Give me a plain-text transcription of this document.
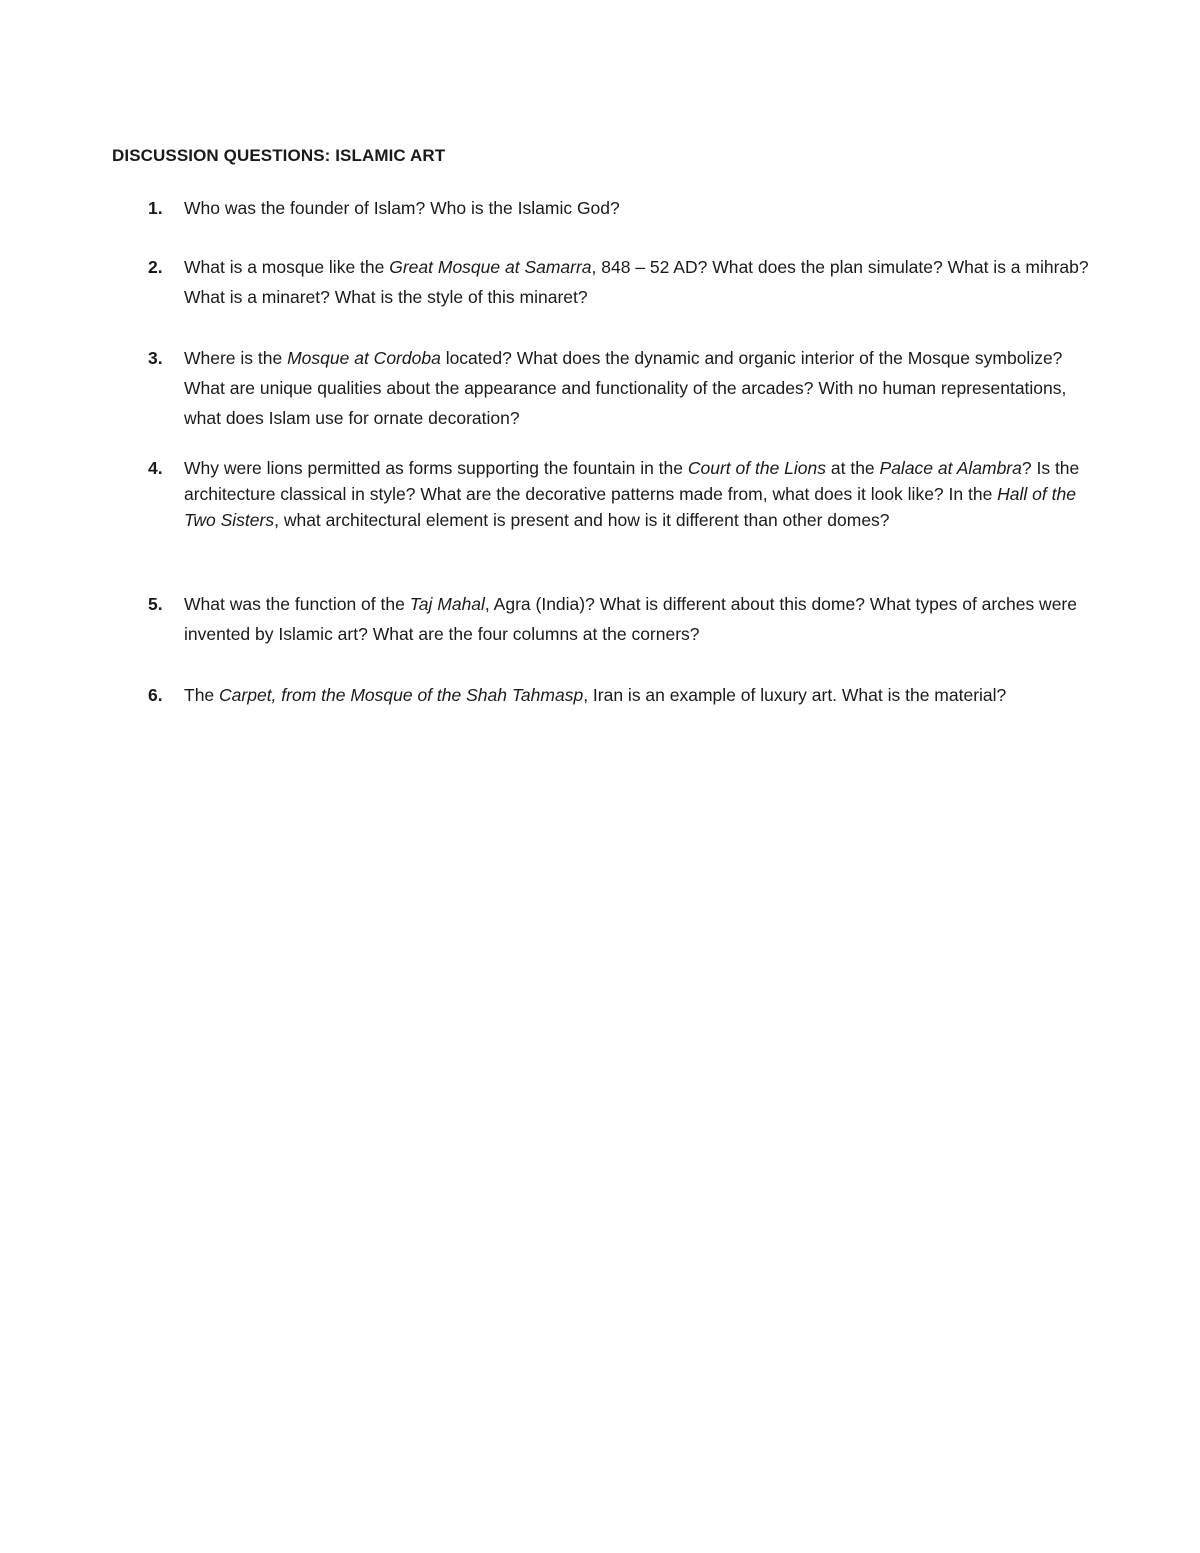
DISCUSSION QUESTIONS: ISLAMIC ART
1. Who was the founder of Islam? Who is the Islamic God?
2. What is a mosque like the Great Mosque at Samarra, 848 – 52 AD? What does the plan simulate? What is a mihrab? What is a minaret? What is the style of this minaret?
3. Where is the Mosque at Cordoba located? What does the dynamic and organic interior of the Mosque symbolize? What are unique qualities about the appearance and functionality of the arcades? With no human representations, what does Islam use for ornate decoration?
4. Why were lions permitted as forms supporting the fountain in the Court of the Lions at the Palace at Alambra? Is the architecture classical in style? What are the decorative patterns made from, what does it look like? In the Hall of the Two Sisters, what architectural element is present and how is it different than other domes?
5. What was the function of the Taj Mahal, Agra (India)? What is different about this dome? What types of arches were invented by Islamic art? What are the four columns at the corners?
6. The Carpet, from the Mosque of the Shah Tahmasp, Iran is an example of luxury art. What is the material?
